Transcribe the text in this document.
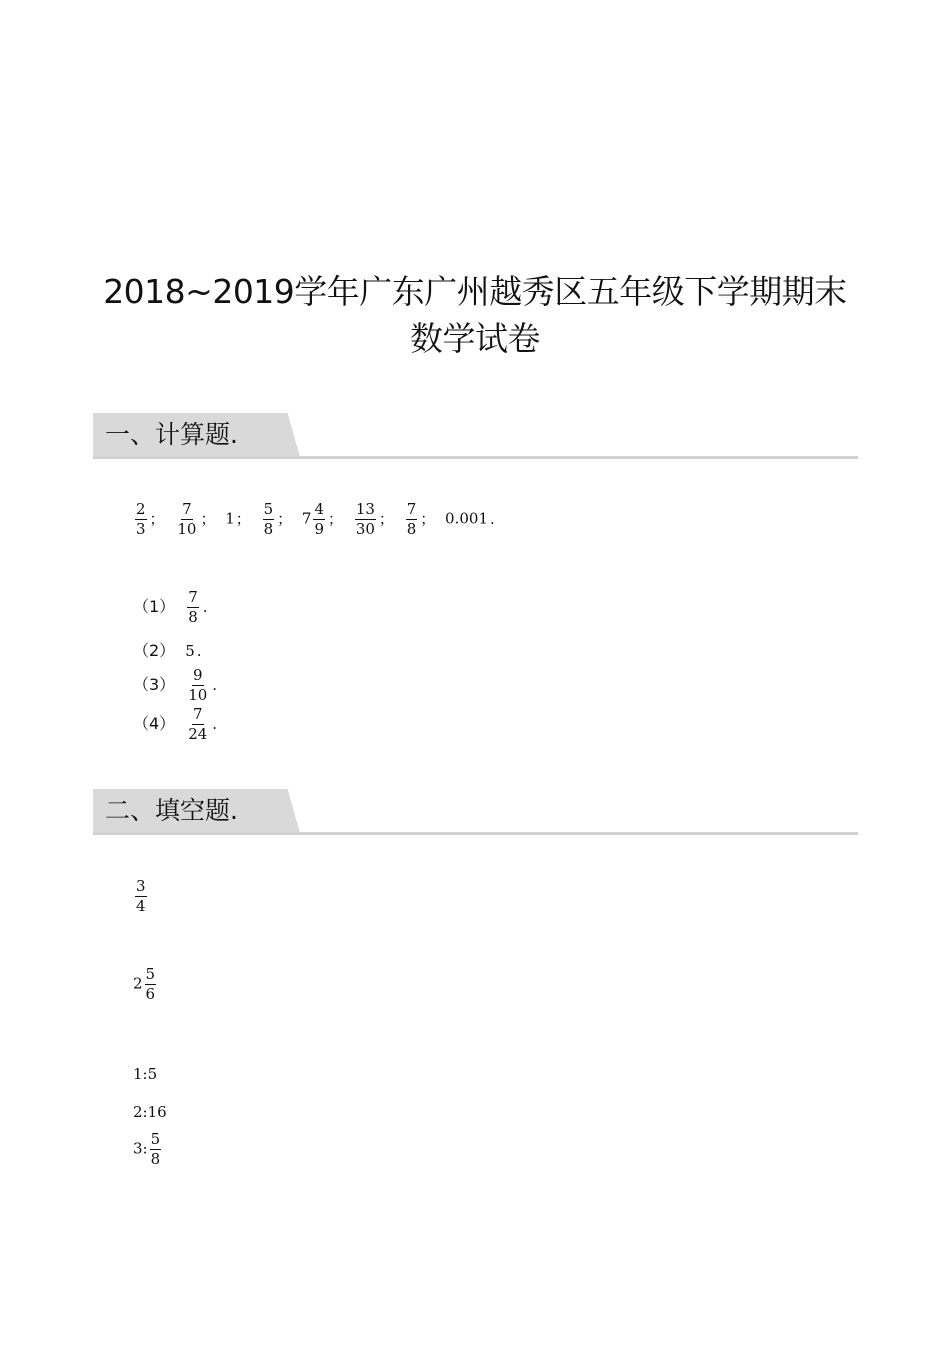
2018~2019学年广东广州越秀区五年级下学期期末
数学试卷
一、计算题.
$\frac{2}{3}$ ； $\frac{7}{10}$ ； 1； $\frac{5}{8}$ ； $7 \frac{4}{9}$ ； $\frac{13}{30}$ ； $\frac{7}{8}$ ； 0.001 .
$(1) \frac{7}{8}$ .
（2） 5 .
$(3) \frac{9}{10}$ .
$(4) \frac{7}{24}$ .
二、填空题.
$\frac{3}{4}$
$2 \frac{5}{6}$
1:5
2:16
3: $\frac{5}{8}$
